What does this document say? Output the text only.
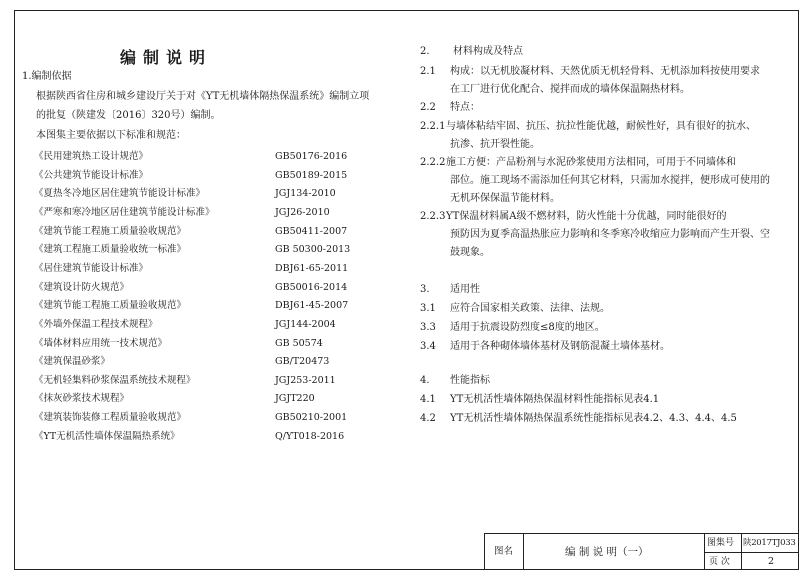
编制说明
1.编制依据
根据陕西省住房和城乡建设厅关于对《YT无机墙体隔热保温系统》编制立项
的批复（陕建发〔2016〕320号）编制。
本图集主要依据以下标准和规范：
《民用建筑热工设计规范》	GB50176-2016
《公共建筑节能设计标准》	GB50189-2015
《夏热冬冷地区居住建筑节能设计标准》	JGJ134-2010
《严寒和寒冷地区居住建筑节能设计标准》	JGJ26-2010
《建筑节能工程施工质量验收规范》	GB50411-2007
《建筑工程施工质量验收统一标准》	GB 50300-2013
《居住建筑节能设计标准》	DBJ61-65-2011
《建筑设计防火规范》	GB50016-2014
《建筑节能工程施工质量验收规范》	DBJ61-45-2007
《外墙外保温工程技术规程》	JGJ144-2004
《墙体材料应用统一技术规范》	GB 50574
《建筑保温砂浆》	GB/T20473
《无机轻集料砂浆保温系统技术规程》	JGJ253-2011
《抹灰砂浆技术规程》	JGJT220
《建筑装饰装修工程质量验收规范》	GB50210-2001
《YT无机活性墙体保温隔热系统》	Q/YT018-2016
2. 材料构成及特点
2.1 构成：以无机胶凝材料、天然优质无机轻骨料、无机添加料按使用要求
在工厂进行优化配合、搅拌而成的墙体保温隔热材料。
2.2 特点：
2.2.1 与墙体粘结牢固、抗压、抗拉性能优越，耐候性好，具有很好的抗水、
抗渗、抗开裂性能。
2.2.2 施工方便：产品粉剂与水泥砂浆使用方法相同，可用于不同墙体和
部位。施工现场不需添加任何其它材料，只需加水搅拌，便形成可使用的
无机环保保温节能材料。
2.2.3 YT保温材料属A级不燃材料，防火性能十分优越，同时能很好的
预防因为夏季高温热胀应力影响和冬季寒冷收缩应力影响而产生开裂、空
鼓现象。
3. 适用性
3.1 应符合国家相关政策、法律、法规。
3.3 适用于抗震设防烈度≤8度的地区。
3.4 适用于各种砌体墙体基材及钢筋混凝土墙体基材。
4. 性能指标
4.1 YT无机活性墙体隔热保温材料性能指标见表4.1
4.2 YT无机活性墙体隔热保温系统性能指标见表4.2、4.3、4.4、4.5
图名	编 制 说 明（一）
图集号 陕2017TJ033
页 次	2
